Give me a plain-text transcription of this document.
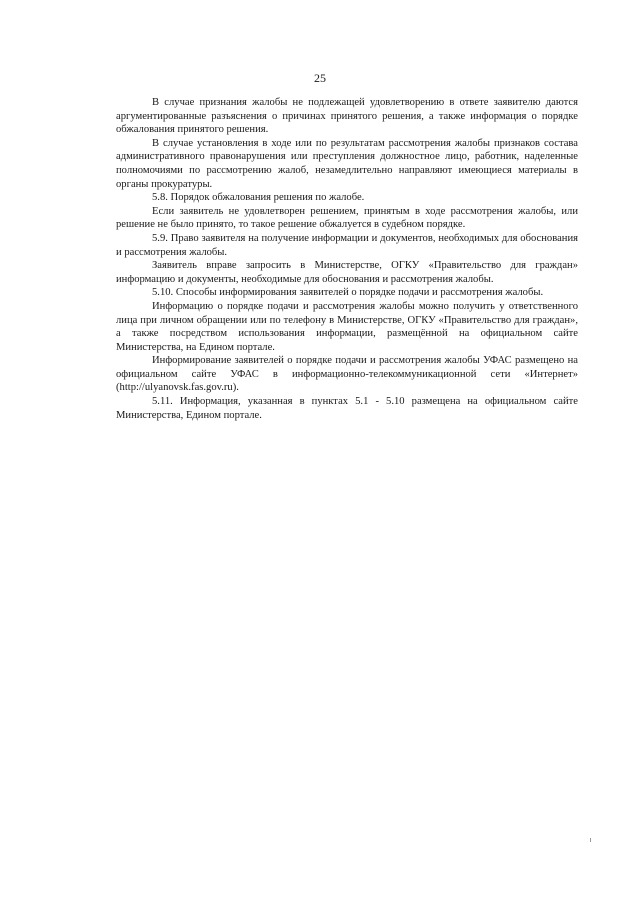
25

В случае признания жалобы не подлежащей удовлетворению в ответе заявителю даются аргументированные разъяснения о причинах принятого решения, а также информация о порядке обжалования принятого решения.

В случае установления в ходе или по результатам рассмотрения жалобы признаков состава административного правонарушения или преступления должностное лицо, работник, наделенные полномочиями по рассмотрению жалоб, незамедлительно направляют имеющиеся материалы в органы прокуратуры.

5.8. Порядок обжалования решения по жалобе.

Если заявитель не удовлетворен решением, принятым в ходе рассмотрения жалобы, или решение не было принято, то такое решение обжалуется в судебном порядке.

5.9. Право заявителя на получение информации и документов, необходимых для обоснования и рассмотрения жалобы.

Заявитель вправе запросить в Министерстве, ОГКУ «Правительство для граждан» информацию и документы, необходимые для обоснования и рассмотрения жалобы.

5.10. Способы информирования заявителей о порядке подачи и рассмотрения жалобы.

Информацию о порядке подачи и рассмотрения жалобы можно получить у ответственного лица при личном обращении или по телефону в Министерстве, ОГКУ «Правительство для граждан», а также посредством использования информации, размещённой на официальном сайте Министерства, на Едином портале.

Информирование заявителей о порядке подачи и рассмотрения жалобы УФАС размещено на официальном сайте УФАС в информационно-телекоммуникационной сети «Интернет» (http://ulyanovsk.fas.gov.ru).

5.11. Информация, указанная в пунктах 5.1 - 5.10 размещена на официальном сайте Министерства, Едином портале.
